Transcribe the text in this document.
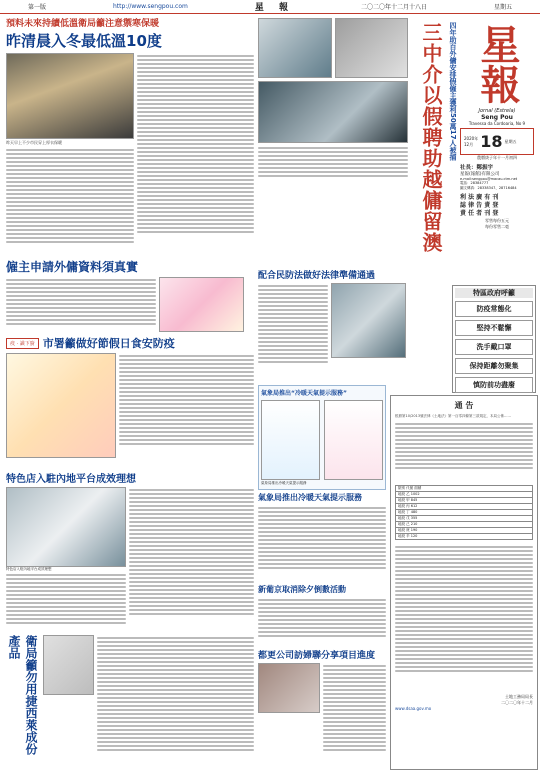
第一版	http://www.sengpou.com	星 報	二〇二〇年十二月十八日	星期五
預料未來持續低溫衛局籲注意禦寒保暖
昨清晨入冬最低溫10度
昨天早上不少市民穿上厚衣保暖
四年助百外傭安排假僱主獲利50萬17人被捕
三中介以假聘助越傭留澳 星報
Jornal (Estrela)
Seng Pou
Travessa da Cordoaria, No 9
2020年
12月 18 星期五
農曆庚子年十一月初四
社長：鄭振宇
星報(報館)有限公司
e-mail:sengpou@macau.ctm.net
電話：28384777
圖文傳真：28338347、28716484
利 法 廣 有 刊
誌 律 告 責 登
責 任 者 刊 登
零售每份五元
每份零售二毫
僱主申請外傭資料須真實
配合民防法做好法律準備通過
特區政府呼籲
防疫常態化
堅持不鬆懈
洗手戴口罩
保持距離勿聚集
慎防前功盡廢
疫 · 識下廚 市署籲做好節假日食安防疫
氣象局推出“冷暖天氣提示服務”
氣象局推出冷暖天氣提示服務
特色店入駐內地平台成效理想
特色店入駐內地平台成效理想
氣象局推出冷暖天氣提示服務
新葡京取消除夕倒數活動
衛局籲勿用捷西萊成份產品	都更公司訪婦聯分享項目進度
通 告
根據第10/2013號法律《土地法》第一百零四條第三款規定，本局公佈……
類別 代號 面積
地段 乙 1002
地段 甲 845
地段 丙 612
地段 丁 480
地段 戊 355
地段 己 210
地段 庚 190
地段 辛 120
土地工務局局長
二〇二〇年十二月
www.dsaa.gov.mo
